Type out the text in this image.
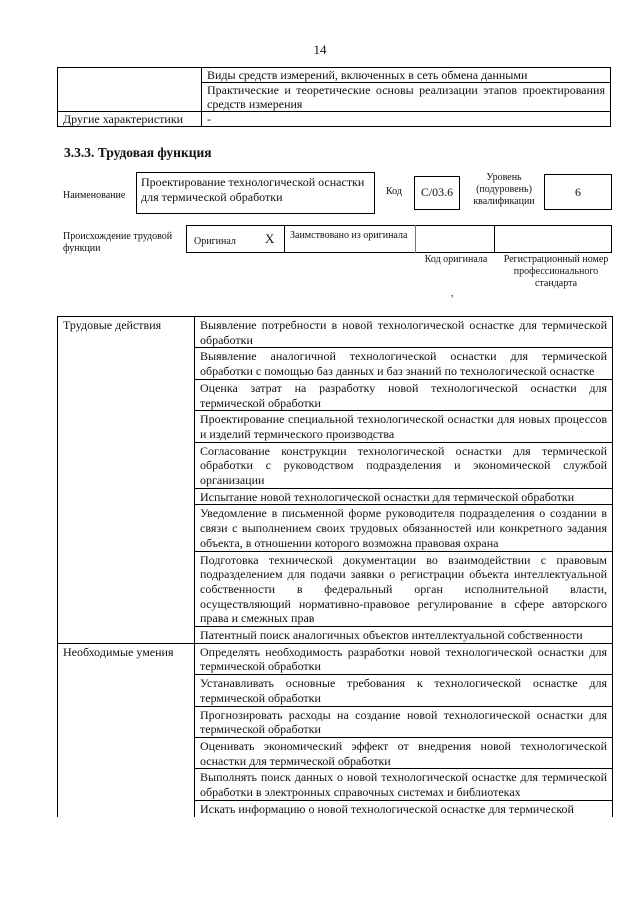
14
	Виды средств измерений, включенных в сеть обмена данными
	Практические и теоретические основы реализации этапов проектирования средств измерения
Другие характеристики	-
3.3.3. Трудовая функция
Наименование
Проектирование технологической оснастки для термической обработки	Код	C/03.6
Уровень (подуровень) квалификации
6
Происхождение трудовой функции
Оригинал X Заимствовано из оригинала
Код оригинала	Регистрационный номер профессионального стандарта
,
Трудовые действия	Выявление потребности в новой технологической оснастке для термической обработки
	Выявление аналогичной технологической оснастки для термической обработки с помощью баз данных и баз знаний по технологической оснастке
	Оценка затрат на разработку новой технологической оснастки для термической обработки
	Проектирование специальной технологической оснастки для новых процессов и изделий термического производства
	Согласование конструкции технологической оснастки для термической обработки с руководством подразделения и экономической службой организации
	Испытание новой технологической оснастки для термической обработки
	Уведомление в письменной форме руководителя подразделения о создании в связи с выполнением своих трудовых обязанностей или конкретного задания объекта, в отношении которого возможна правовая охрана
	Подготовка технической документации во взаимодействии с правовым подразделением для подачи заявки о регистрации объекта интеллектуальной собственности в федеральный орган исполнительной власти, осуществляющий нормативно-правовое регулирование в сфере авторского права и смежных прав
	Патентный поиск аналогичных объектов интеллектуальной собственности
Необходимые умения	Определять необходимость разработки новой технологической оснастки для термической обработки
	Устанавливать основные требования к технологической оснастке для термической обработки
	Прогнозировать расходы на создание новой технологической оснастки для термической обработки
	Оценивать экономический эффект от внедрения новой технологической оснастки для термической обработки
	Выполнять поиск данных о новой технологической оснастке для термической обработки в электронных справочных системах и библиотеках
	Искать информацию о новой технологической оснастке для термической
